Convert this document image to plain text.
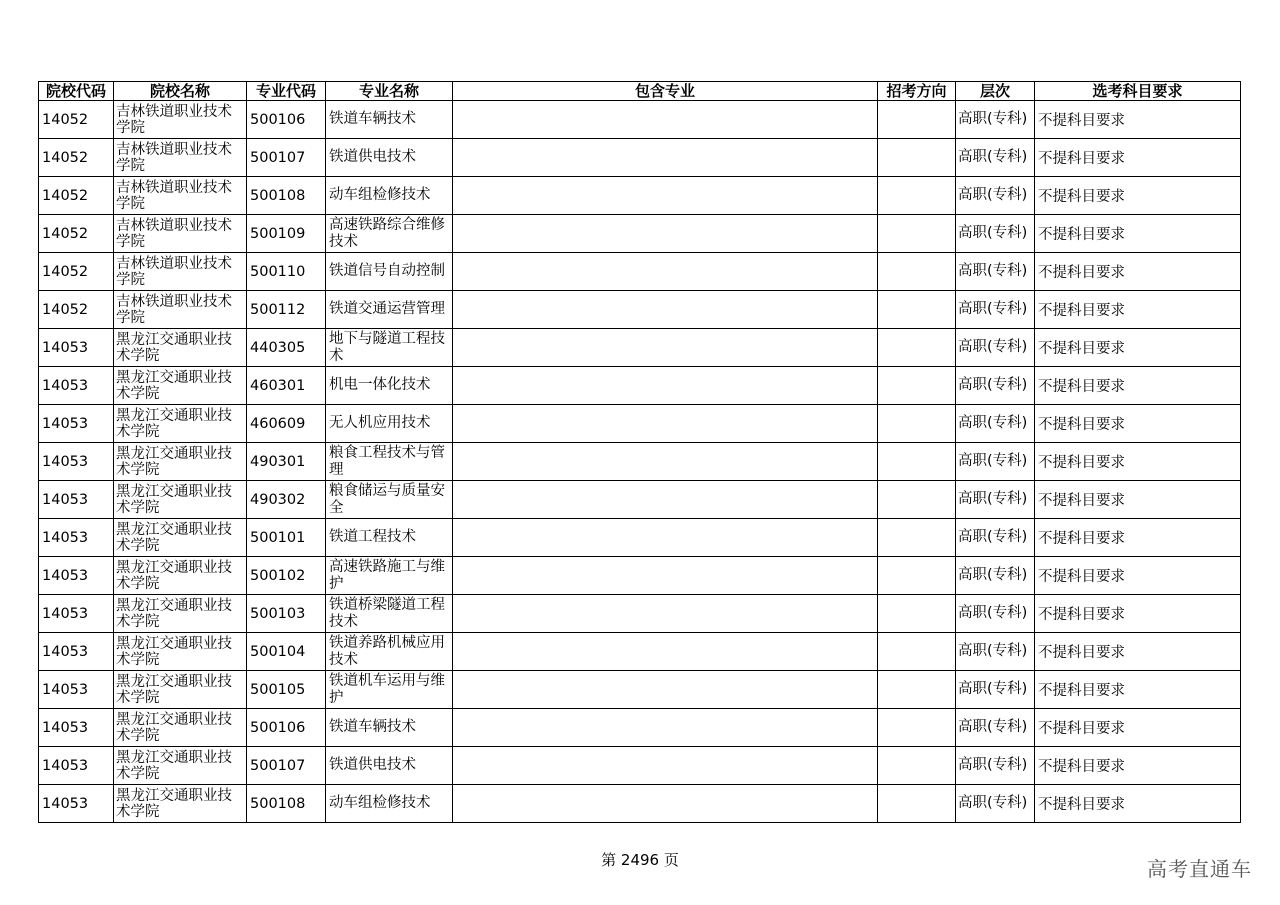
院校代码	院校名称	专业代码	专业名称	包含专业	招考方向	层次	选考科目要求
14052	吉林铁道职业技术学院	500106	铁道车辆技术			高职(专科)	不提科目要求
14052	吉林铁道职业技术学院	500107	铁道供电技术			高职(专科)	不提科目要求
14052	吉林铁道职业技术学院	500108	动车组检修技术			高职(专科)	不提科目要求
14052	吉林铁道职业技术学院	500109	高速铁路综合维修技术			高职(专科)	不提科目要求
14052	吉林铁道职业技术学院	500110	铁道信号自动控制			高职(专科)	不提科目要求
14052	吉林铁道职业技术学院	500112	铁道交通运营管理			高职(专科)	不提科目要求
14053	黑龙江交通职业技术学院	440305	地下与隧道工程技术			高职(专科)	不提科目要求
14053	黑龙江交通职业技术学院	460301	机电一体化技术			高职(专科)	不提科目要求
14053	黑龙江交通职业技术学院	460609	无人机应用技术			高职(专科)	不提科目要求
14053	黑龙江交通职业技术学院	490301	粮食工程技术与管理			高职(专科)	不提科目要求
14053	黑龙江交通职业技术学院	490302	粮食储运与质量安全			高职(专科)	不提科目要求
14053	黑龙江交通职业技术学院	500101	铁道工程技术			高职(专科)	不提科目要求
14053	黑龙江交通职业技术学院	500102	高速铁路施工与维护			高职(专科)	不提科目要求
14053	黑龙江交通职业技术学院	500103	铁道桥梁隧道工程技术			高职(专科)	不提科目要求
14053	黑龙江交通职业技术学院	500104	铁道养路机械应用技术			高职(专科)	不提科目要求
14053	黑龙江交通职业技术学院	500105	铁道机车运用与维护			高职(专科)	不提科目要求
14053	黑龙江交通职业技术学院	500106	铁道车辆技术			高职(专科)	不提科目要求
14053	黑龙江交通职业技术学院	500107	铁道供电技术			高职(专科)	不提科目要求
14053	黑龙江交通职业技术学院	500108	动车组检修技术			高职(专科)	不提科目要求
第 2496 页	高考直通车
